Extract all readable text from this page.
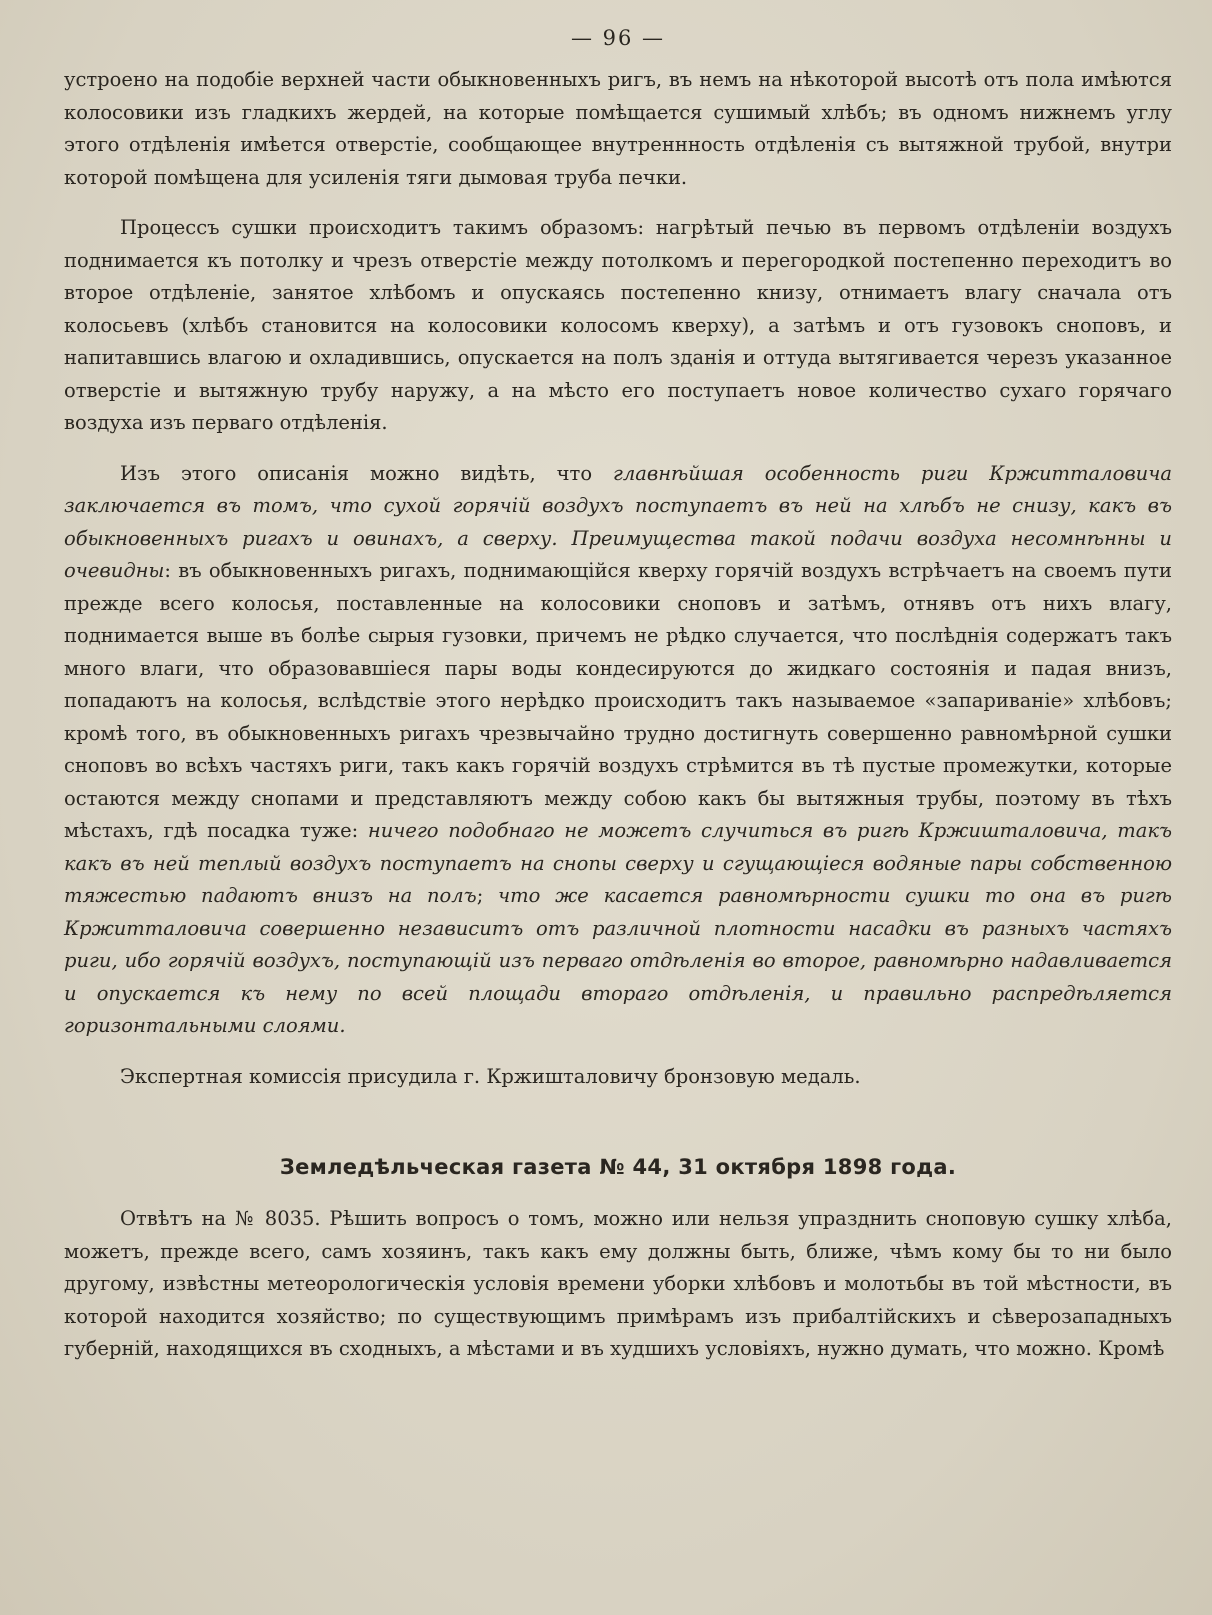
— 96 —

устроено на подобіе верхней части обыкновенныхъ ригъ, въ немъ на нѣкоторой высотѣ отъ пола имѣются колосовики изъ гладкихъ жердей, на которые помѣщается сушимый хлѣбъ; въ одномъ нижнемъ углу этого отдѣленія имѣется отверстіе, сообщающее внутреннность отдѣленія съ вытяжной трубой, внутри которой помѣщена для усиленія тяги дымовая труба печки.

Процессъ сушки происходитъ такимъ образомъ: нагрѣтый печью въ первомъ отдѣленіи воздухъ поднимается къ потолку и чрезъ отверстіе между потолкомъ и перегородкой постепенно переходитъ во второе отдѣленіе, занятое хлѣбомъ и опускаясь постепенно книзу, отнимаетъ влагу сначала отъ колосьевъ (хлѣбъ становится на колосовики колосомъ кверху), а затѣмъ и отъ гузовокъ сноповъ, и напитавшись влагою и охладившись, опускается на полъ зданія и оттуда вытягивается черезъ указанное отверстіе и вытяжную трубу наружу, а на мѣсто его поступаетъ новое количество сухаго горячаго воздуха изъ перваго отдѣленія.

Изъ этого описанія можно видѣть, что главнѣйшая особенность риги Кржитталовича заключается въ томъ, что сухой горячій воздухъ поступаетъ въ ней на хлѣбъ не снизу, какъ въ обыкновенныхъ ригахъ и овинахъ, а сверху. Преимущества такой подачи воздуха несомнѣнны и очевидны: въ обыкновенныхъ ригахъ, поднимающійся кверху горячій воздухъ встрѣчаетъ на своемъ пути прежде всего колосья, поставленные на колосовики сноповъ и затѣмъ, отнявъ отъ нихъ влагу, поднимается выше въ болѣе сырыя гузовки, причемъ не рѣдко случается, что послѣднія содержатъ такъ много влаги, что образовавшіеся пары воды кондесируются до жидкаго состоянія и падая внизъ, попадаютъ на колосья, вслѣдствіе этого нерѣдко происходитъ такъ называемое «запариваніе» хлѣбовъ; кромѣ того, въ обыкновенныхъ ригахъ чрезвычайно трудно достигнуть совершенно равномѣрной сушки сноповъ во всѣхъ частяхъ риги, такъ какъ горячій воздухъ стрѣмится въ тѣ пустые промежутки, которые остаются между снопами и представляютъ между собою какъ бы вытяжныя трубы, поэтому въ тѣхъ мѣстахъ, гдѣ посадка туже: ничего подобнаго не можетъ случиться въ ригѣ Кржишталовича, такъ какъ въ ней теплый воздухъ поступаетъ на снопы сверху и сгущающіеся водяные пары собственною тяжестью падаютъ внизъ на полъ; что же касается равномѣрности сушки то она въ ригѣ Кржитталовича совершенно независитъ отъ различной плотности насадки въ разныхъ частяхъ риги, ибо горячій воздухъ, поступающій изъ перваго отдѣленія во второе, равномѣрно надавливается и опускается къ нему по всей площади втораго отдѣленія, и правильно распредѣляется горизонтальными слоями.

Экспертная комиссія присудила г. Кржишталовичу бронзовую медаль.

Земледѣльческая газета № 44, 31 октября 1898 года.

Отвѣтъ на № 8035. Рѣшить вопросъ о томъ, можно или нельзя упразднить сноповую сушку хлѣба, можетъ, прежде всего, самъ хозяинъ, такъ какъ ему должны быть, ближе, чѣмъ кому бы то ни было другому, извѣстны метеорологическія условія времени уборки хлѣбовъ и молотьбы въ той мѣстности, въ которой находится хозяйство; по существующимъ примѣрамъ изъ прибалтійскихъ и сѣверозападныхъ губерній, находящихся въ сходныхъ, а мѣстами и въ худшихъ условіяхъ, нужно думать, что можно. Кромѣ
